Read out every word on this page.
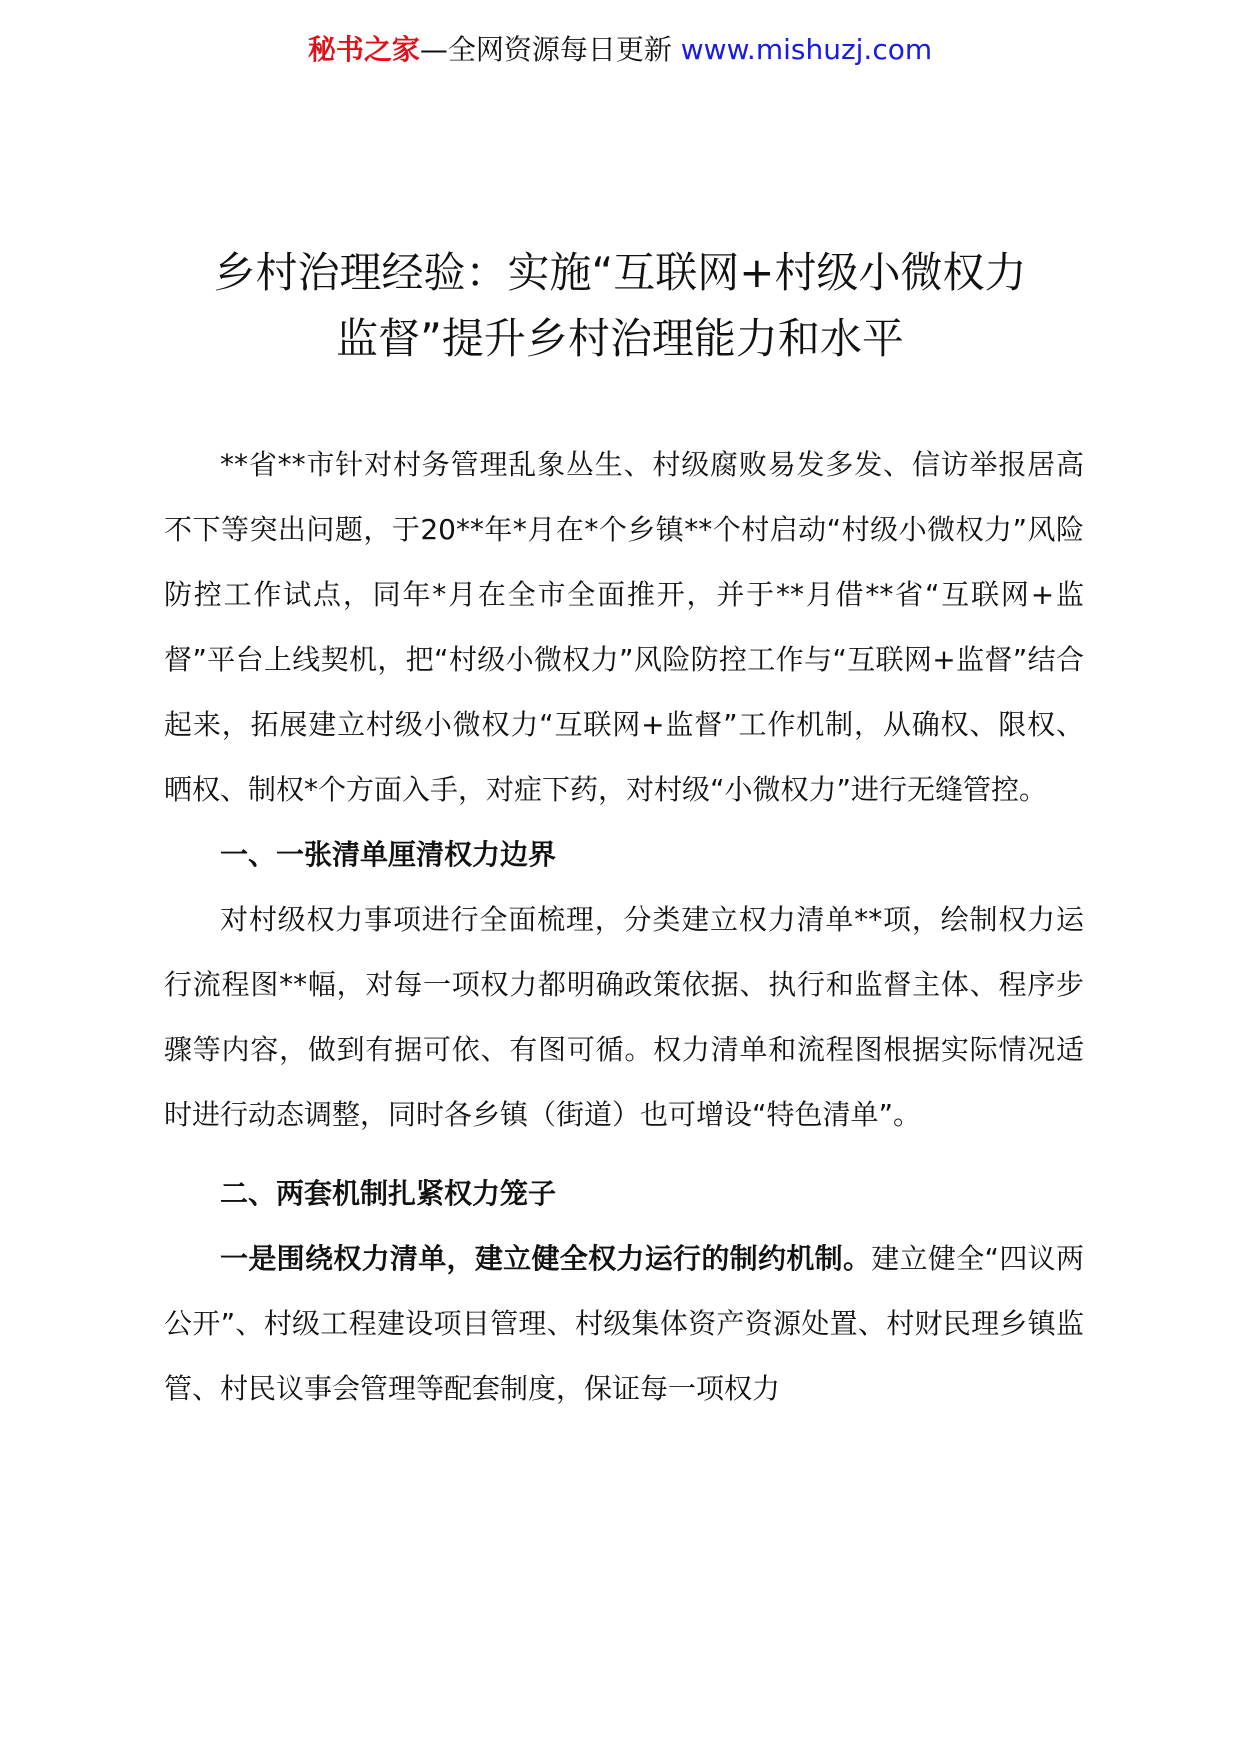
秘书之家—全网资源每日更新 www.mishuzj.com
乡村治理经验：实施“互联网+村级小微权力
监督”提升乡村治理能力和水平

**省**市针对村务管理乱象丛生、村级腐败易发多发、信访举报居高不下等突出问题，于20**年*月在*个乡镇**个村启动“村级小微权力”风险防控工作试点，同年*月在全市全面推开，并于**月借**省“互联网+监督”平台上线契机，把“村级小微权力”风险防控工作与“互联网+监督”结合起来，拓展建立村级小微权力“互联网+监督”工作机制，从确权、限权、晒权、制权*个方面入手，对症下药，对村级“小微权力”进行无缝管控。

一、一张清单厘清权力边界

对村级权力事项进行全面梳理，分类建立权力清单**项，绘制权力运行流程图**幅，对每一项权力都明确政策依据、执行和监督主体、程序步骤等内容，做到有据可依、有图可循。权力清单和流程图根据实际情况适时进行动态调整，同时各乡镇（街道）也可增设“特色清单”。

二、两套机制扎紧权力笼子

一是围绕权力清单，建立健全权力运行的制约机制。建立健全“四议两公开”、村级工程建设项目管理、村级集体资产资源处置、村财民理乡镇监管、村民议事会管理等配套制度，保证每一项权力
